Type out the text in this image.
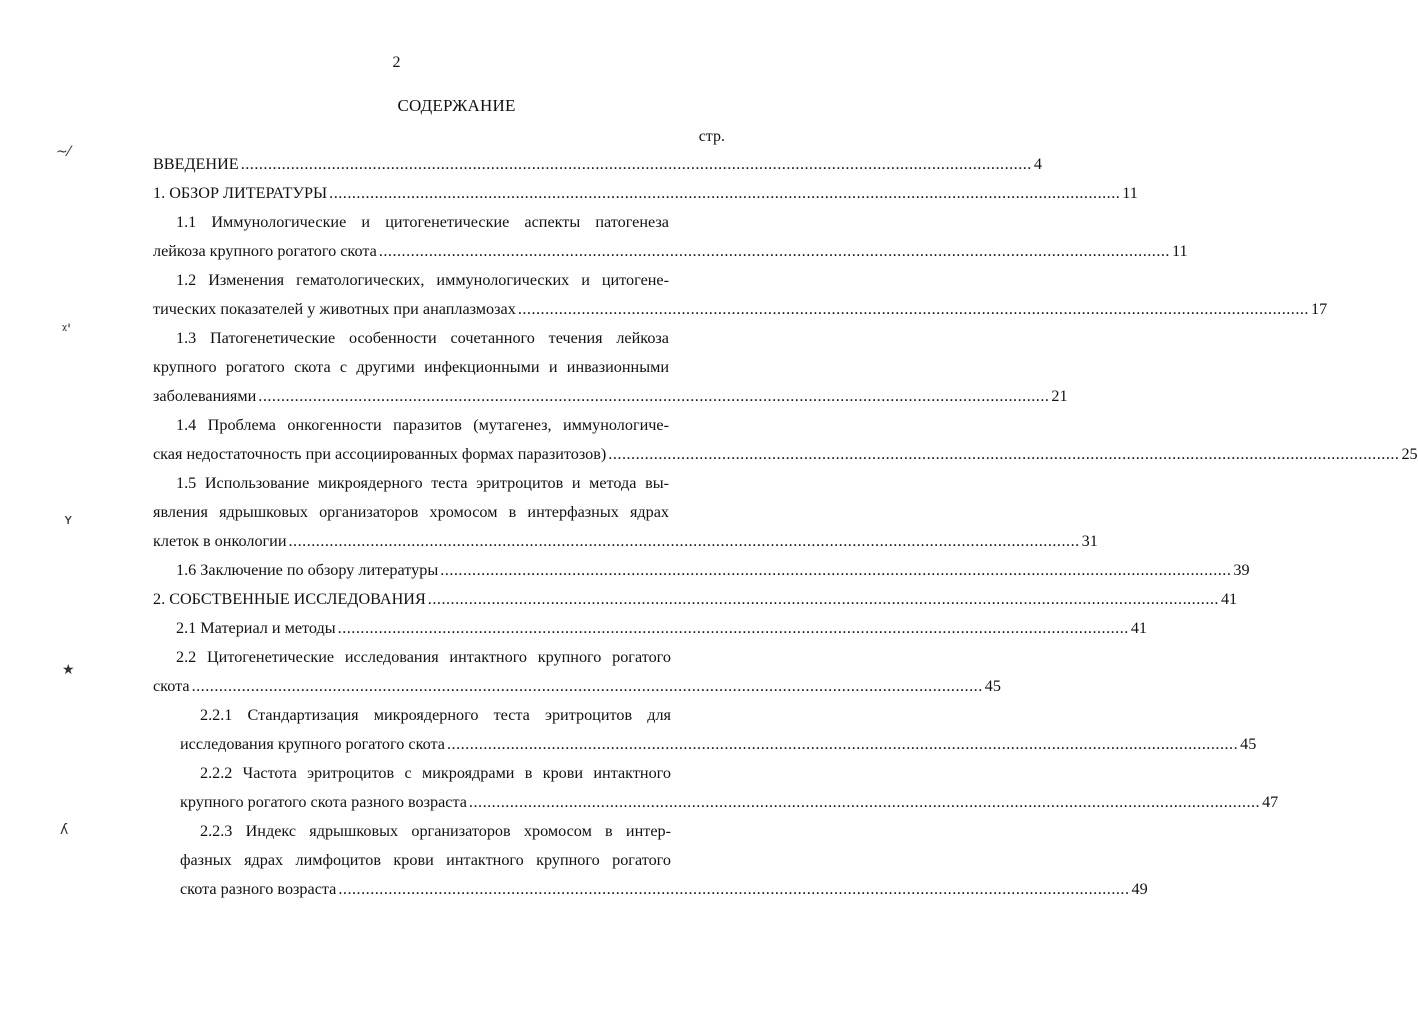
~⁄
ᵡ'
ʏ
★
ʎ
2
СОДЕРЖАНИЕ
стр.
ВВЕДЕНИЕ .............................................................................................................................................................................. 4
1. ОБЗОР ЛИТЕРАТУРЫ .............................................................................................................................................................................. 11
1.1 Иммунологические и цитогенетические аспекты патогенеза
лейкоза крупного рогатого скота .............................................................................................................................................................................. 11
1.2 Изменения гематологических, иммунологических и цитогене-
тических показателей у животных при анаплазмозах .............................................................................................................................................................................. 17
1.3 Патогенетические особенности сочетанного течения лейкоза
крупного рогатого скота с другими инфекционными и инвазионными
заболеваниями .............................................................................................................................................................................. 21
1.4 Проблема онкогенности паразитов (мутагенез, иммунологиче-
ская недостаточность при ассоциированных формах паразитозов) .............................................................................................................................................................................. 25
1.5 Использование микроядерного теста эритроцитов и метода вы-
явления ядрышковых организаторов хромосом в интерфазных ядрах
клеток в онкологии .............................................................................................................................................................................. 31
1.6 Заключение по обзору литературы .............................................................................................................................................................................. 39
2. СОБСТВЕННЫЕ ИССЛЕДОВАНИЯ .............................................................................................................................................................................. 41
2.1 Материал и методы .............................................................................................................................................................................. 41
2.2 Цитогенетические исследования интактного крупного рогатого
скота .............................................................................................................................................................................. 45
2.2.1 Стандартизация микроядерного теста эритроцитов для
исследования крупного рогатого скота .............................................................................................................................................................................. 45
2.2.2 Частота эритроцитов с микроядрами в крови интактного
крупного рогатого скота разного возраста .............................................................................................................................................................................. 47
2.2.3 Индекс ядрышковых организаторов хромосом в интер-
фазных ядрах лимфоцитов крови интактного крупного рогатого
скота разного возраста .............................................................................................................................................................................. 49
